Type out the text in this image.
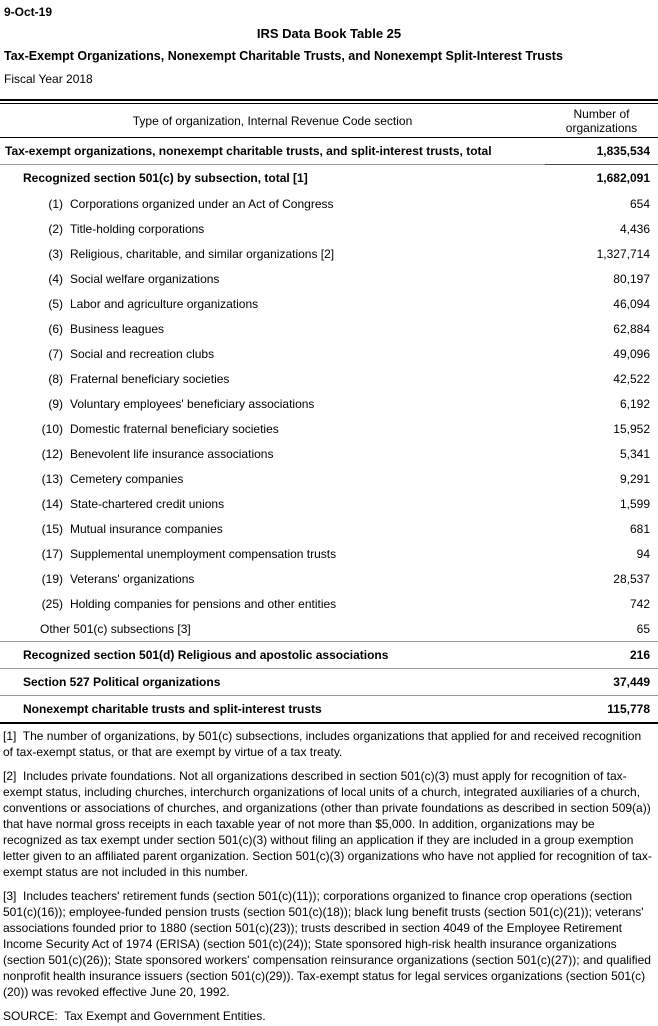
9-Oct-19
IRS Data Book Table 25
Tax-Exempt Organizations, Nonexempt Charitable Trusts, and Nonexempt Split-Interest Trusts
Fiscal Year 2018
Type of organization, Internal Revenue Code section	Number of organizations
Tax-exempt organizations, nonexempt charitable trusts, and split-interest trusts, total	1,835,534
Recognized section 501(c) by subsection, total [1]	1,682,091
(1) Corporations organized under an Act of Congress	654
(2) Title-holding corporations	4,436
(3) Religious, charitable, and similar organizations [2]	1,327,714
(4) Social welfare organizations	80,197
(5) Labor and agriculture organizations	46,094
(6) Business leagues	62,884
(7) Social and recreation clubs	49,096
(8) Fraternal beneficiary societies	42,522
(9) Voluntary employees' beneficiary associations	6,192
(10) Domestic fraternal beneficiary societies	15,952
(12) Benevolent life insurance associations	5,341
(13) Cemetery companies	9,291
(14) State-chartered credit unions	1,599
(15) Mutual insurance companies	681
(17) Supplemental unemployment compensation trusts	94
(19) Veterans' organizations	28,537
(25) Holding companies for pensions and other entities	742
Other 501(c) subsections [3]	65
Recognized section 501(d) Religious and apostolic associations	216
Section 527 Political organizations	37,449
Nonexempt charitable trusts and split-interest trusts	115,778
[1]  The number of organizations, by 501(c) subsections, includes organizations that applied for and received recognition of tax-exempt status, or that are exempt by virtue of a tax treaty.
[2]  Includes private foundations. Not all organizations described in section 501(c)(3) must apply for recognition of tax-exempt status, including churches, interchurch organizations of local units of a church, integrated auxiliaries of a church, conventions or associations of churches, and organizations (other than private foundations as described in section 509(a)) that have normal gross receipts in each taxable year of not more than $5,000. In addition, organizations may be recognized as tax exempt under section 501(c)(3) without filing an application if they are included in a group exemption letter given to an affiliated parent organization. Section 501(c)(3) organizations who have not applied for recognition of tax-exempt status are not included in this number.
[3]  Includes teachers' retirement funds (section 501(c)(11)); corporations organized to finance crop operations (section 501(c)(16)); employee-funded pension trusts (section 501(c)(18)); black lung benefit trusts (section 501(c)(21)); veterans' associations founded prior to 1880 (section 501(c)(23)); trusts described in section 4049 of the Employee Retirement Income Security Act of 1974 (ERISA) (section 501(c)(24)); State sponsored high-risk health insurance organizations (section 501(c)(26)); State sponsored workers' compensation reinsurance organizations (section 501(c)(27)); and qualified nonprofit health insurance issuers (section 501(c)(29)). Tax-exempt status for legal services organizations (section 501(c)(20)) was revoked effective June 20, 1992.
SOURCE:  Tax Exempt and Government Entities.
